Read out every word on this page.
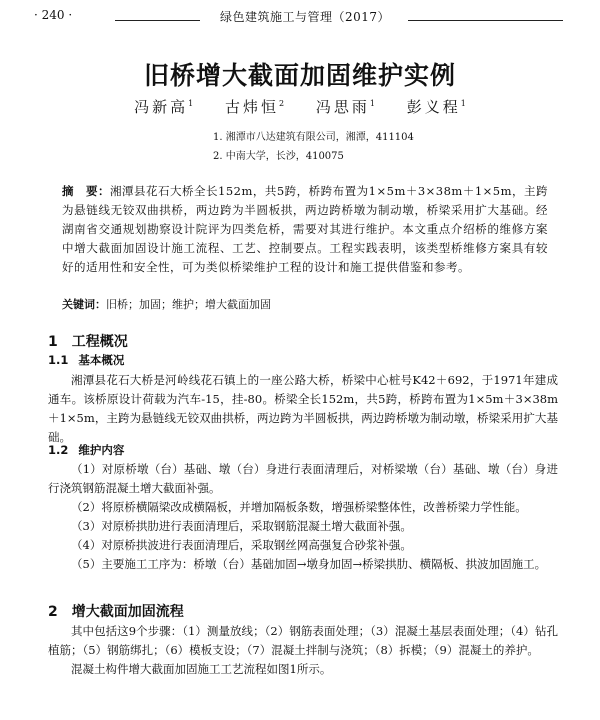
· 240 ·	绿色建筑施工与管理（2017）
旧桥增大截面加固维护实例
冯新高$^1$ 古炜恒$^2$ 冯思雨$^1$ 彭义程$^1$
1. 湘潭市八达建筑有限公司，湘潭，411104
2. 中南大学，长沙，410075
摘　要：湘潭县花石大桥全长152m，共5跨，桥跨布置为1×5m＋3×38m＋1×5m，主跨为悬链线无铰双曲拱桥，两边跨为半圆板拱，两边跨桥墩为制动墩，桥梁采用扩大基础。经湖南省交通规划勘察设计院评为四类危桥，需要对其进行维护。本文重点介绍桥的维修方案中增大截面加固设计施工流程、工艺、控制要点。工程实践表明，该类型桥维修方案具有较好的适用性和安全性，可为类似桥梁维护工程的设计和施工提供借鉴和参考。
关键词：旧桥；加固；维护；增大截面加固
1 工程概况
1.1 基本概况

湘潭县花石大桥是河岭线花石镇上的一座公路大桥，桥梁中心桩号K42＋692，于1971年建成通车。该桥原设计荷载为汽车-15，挂-80。桥梁全长152m，共5跨，桥跨布置为1×5m＋3×38m＋1×5m，主跨为悬链线无铰双曲拱桥，两边跨为半圆板拱，两边跨桥墩为制动墩，桥梁采用扩大基础。

1.2 维护内容

（1）对原桥墩（台）基础、墩（台）身进行表面清理后，对桥梁墩（台）基础、墩（台）身进行浇筑钢筋混凝土增大截面补强。

（2）将原桥横隔梁改成横隔板，并增加隔板条数，增强桥梁整体性，改善桥梁力学性能。

（3）对原桥拱肋进行表面清理后，采取钢筋混凝土增大截面补强。

（4）对原桥拱波进行表面清理后，采取钢丝网高强复合砂浆补强。

（5）主要施工工序为：桥墩（台）基础加固→墩身加固→桥梁拱肋、横隔板、拱波加固施工。

2 增大截面加固流程

其中包括这9个步骤：（1）测量放线；（2）钢筋表面处理；（3）混凝土基层表面处理；（4）钻孔植筋；（5）钢筋绑扎；（6）模板支设；（7）混凝土拌制与浇筑；（8）拆模；（9）混凝土的养护。

混凝土构件增大截面加固施工工艺流程如图1所示。
